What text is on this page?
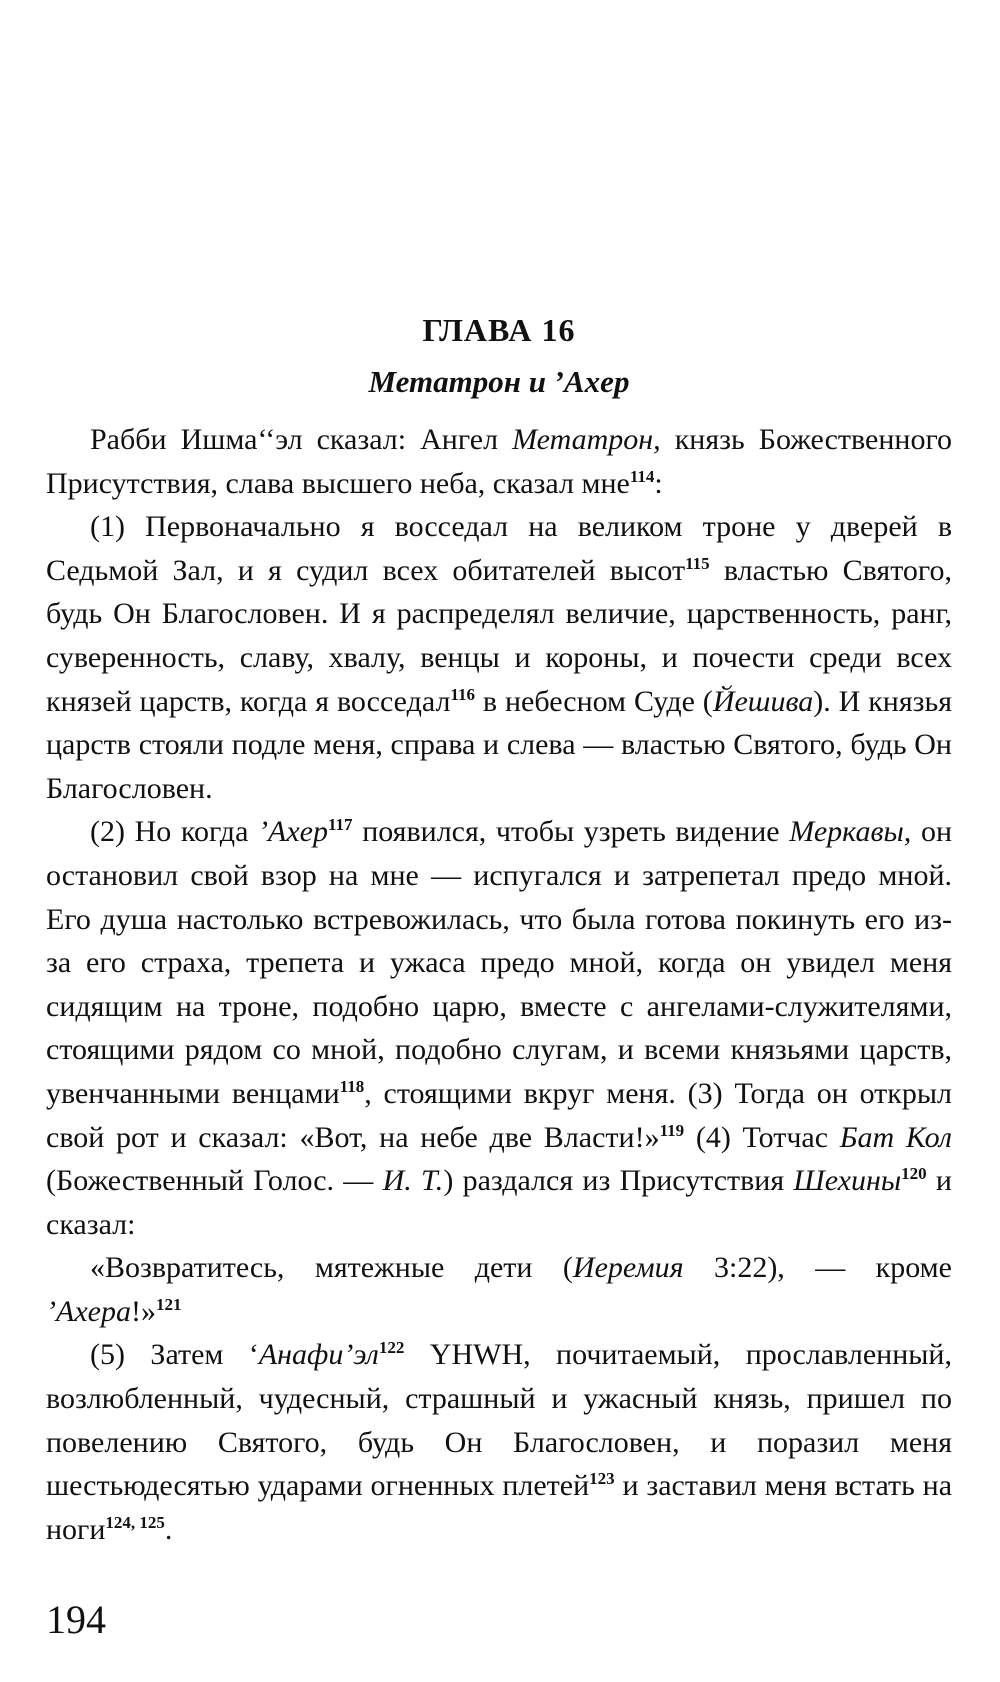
ГЛАВА 16
Метатрон и ’Ахер

Рабби Ишма‘‘эл сказал: Ангел Метатрон, князь Божественного Присутствия, слава высшего неба, сказал мне$^{114}$:

(1) Первоначально я восседал на великом троне у дверей в Седьмой Зал, и я судил всех обитателей высот$^{115}$ властью Святого, будь Он Благословен. И я распределял величие, царственность, ранг, суверенность, славу, хвалу, венцы и короны, и почести среди всех князей царств, когда я восседал$^{116}$ в небесном Суде (Йешива). И князья царств стояли подле меня, справа и слева — властью Святого, будь Он Благословен.

(2) Но когда ’Ахер$^{117}$ появился, чтобы узреть видение Меркавы, он остановил свой взор на мне — испугался и затрепетал предо мной. Его душа настолько встревожилась, что была готова покинуть его из-за его страха, трепета и ужаса предо мной, когда он увидел меня сидящим на троне, подобно царю, вместе с ангелами-служителями, стоящими рядом со мной, подобно слугам, и всеми князьями царств, увенчанными венцами$^{118}$, стоящими вкруг меня. (3) Тогда он открыл свой рот и сказал: «Вот, на небе две Власти!»$^{119}$ (4) Тотчас Бат Кол (Божественный Голос. — И. Т.) раздался из Присутствия Шехины$^{120}$ и сказал:

«Возвратитесь, мятежные дети (Иеремия 3:22), — кроме ’Ахера!»$^{121}$

(5) Затем ‘$Анафи’эл^{122}$ YHWH, почитаемый, прославленный, возлюбленный, чудесный, страшный и ужасный князь, пришел по повелению Святого, будь Он Благословен, и поразил меня шестьюдесятью ударами огненных плетей$^{123}$ и заставил меня встать на ноги$^{124, 125}$.

194
